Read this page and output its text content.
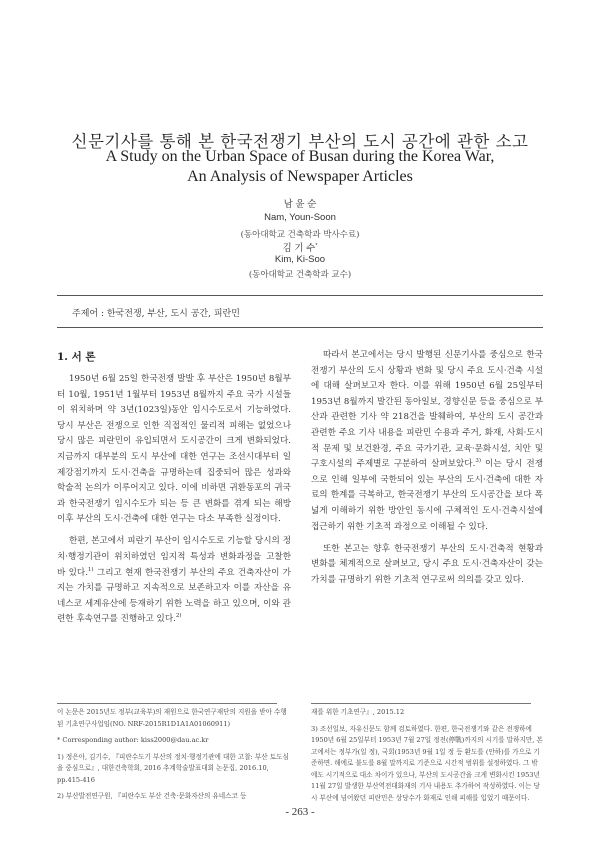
신문기사를 통해 본 한국전쟁기 부산의 도시 공간에 관한 소고
A Study on the Urban Space of Busan during the Korea War,
An Analysis of Newspaper Articles
남 윤 순
Nam, Youn-Soon
(동아대학교 건축학과 박사수료)
김 기 수*
Kim, Ki-Soo
(동아대학교 건축학과 교수)
주제어 : 한국전쟁, 부산, 도시 공간, 피란민
1. 서 론

1950년 6월 25일 한국전쟁 발발 후 부산은 1950년 8월부터 10월, 1951년 1월부터 1953년 8월까지 주요 국가 시설들이 위치하며 약 3년(1023일)동안 임시수도로서 기능하였다. 당시 부산은 전쟁으로 인한 직접적인 물리적 피해는 없었으나 당시 많은 피란민이 유입되면서 도시공간이 크게 변화되었다. 지금까지 대부분의 도시 부산에 대한 연구는 조선시대부터 일제강점기까지 도시·건축을 규명하는데 집중되어 많은 성과와 학술적 논의가 이루어지고 있다. 이에 비하면 귀환동포의 귀국과 한국전쟁기 임시수도가 되는 등 큰 변화를 겪게 되는 해방 이후 부산의 도시·건축에 대한 연구는 다소 부족한 실정이다.

한편, 본고에서 피란기 부산이 임시수도로 기능할 당시의 정치·행정기관이 위치하였던 임지적 특성과 변화과정을 고찰한 바 있다.$^{1)}$ 그리고 현재 한국전쟁기 부산의 주요 건축자산이 가지는 가치를 규명하고 지속적으로 보존하고자 이를 자산을 유네스코 세계유산에 등재하기 위한 노력을 하고 있으며, 이와 관련한 후속연구를 진행하고 있다.$^{2)}$

이 논문은 2015년도 정부(교육부)의 재원으로 한국연구재단의 지원을 받아 수행된 기초연구사업임(NO. NRF-2015R1D1A1A01060911)

* Corresponding author: kiss2000@dau.ac.kr

1) 정은아, 김기수, 『피란수도기 부산의 정치·행정기관에 대한 고찰: 부산 토도심을 중심으로』, 대한건축학회, 2016 추계학술발표대회 논문집, 2016.10, pp.415-416

2) 부산발전연구원, 『피란수도 부산 건축·문화자산의 유네스코 등

따라서 본고에서는 당시 발행된 신문기사를 중심으로 한국전쟁기 부산의 도시 상황과 변화 및 당시 주요 도시·건축 시설에 대해 살펴보고자 한다. 이를 위해 1950년 6월 25일부터 1953년 8월까지 발간된 동아일보, 경향신문 등을 중심으로 부산과 관련한 기사 약 218건을 발췌하여, 부산의 도시 공간과 관련한 주요 기사 내용을 피란민 수용과 주거, 화재, 사회·도시적 문제 및 보건환경, 주요 국가기관, 교육·문화시설, 치안 및 구호시설의 주제별로 구분하여 살펴보았다.$^{3)}$ 이는 당시 전쟁으로 인해 일부에 국한되어 있는 부산의 도시·건축에 대한 자료의 한계를 극복하고, 한국전쟁기 부산의 도시공간을 보다 폭넓게 이해하기 위한 방안인 동시에 구체적인 도시·건축시설에 접근하기 위한 기초적 과정으로 이해될 수 있다.

또한 본고는 향후 한국전쟁기 부산의 도시·건축적 현황과 변화를 체계적으로 살펴보고, 당시 주요 도시·건축자산이 갖는 가치를 규명하기 위한 기초적 연구로써 의의를 갖고 있다.

재를 위한 기초연구』, 2015.12

3) 조선일보, 자유신문도 함께 검토하였다. 한편, 한국전쟁기와 같은 전쟁하에 1950년 6월 25일부터 1953년 7월 27일 정전(停戰)까지의 시기를 말하지만, 본고에서는 정부가(일 정), 국회(1953년 9월 1일 정 등 환도를 (안하)를 가으로 기준하면. 해에로 불도를 8월 말까지로 기준으로 시간적 범위를 설정하였다. 그 밖에도 시기적으로 대소 차이가 있으나, 부산의 도시공간을 크게 변화시킨 1953년 11월 27일 발생한 부산역전대화재의 기사 내용도 추가하여 작성하였다. 이는 당시 부산에 넘어왔던 피란민은 상당수가 화재로 인해 피해를 입었기 때문이다.

- 263 -
